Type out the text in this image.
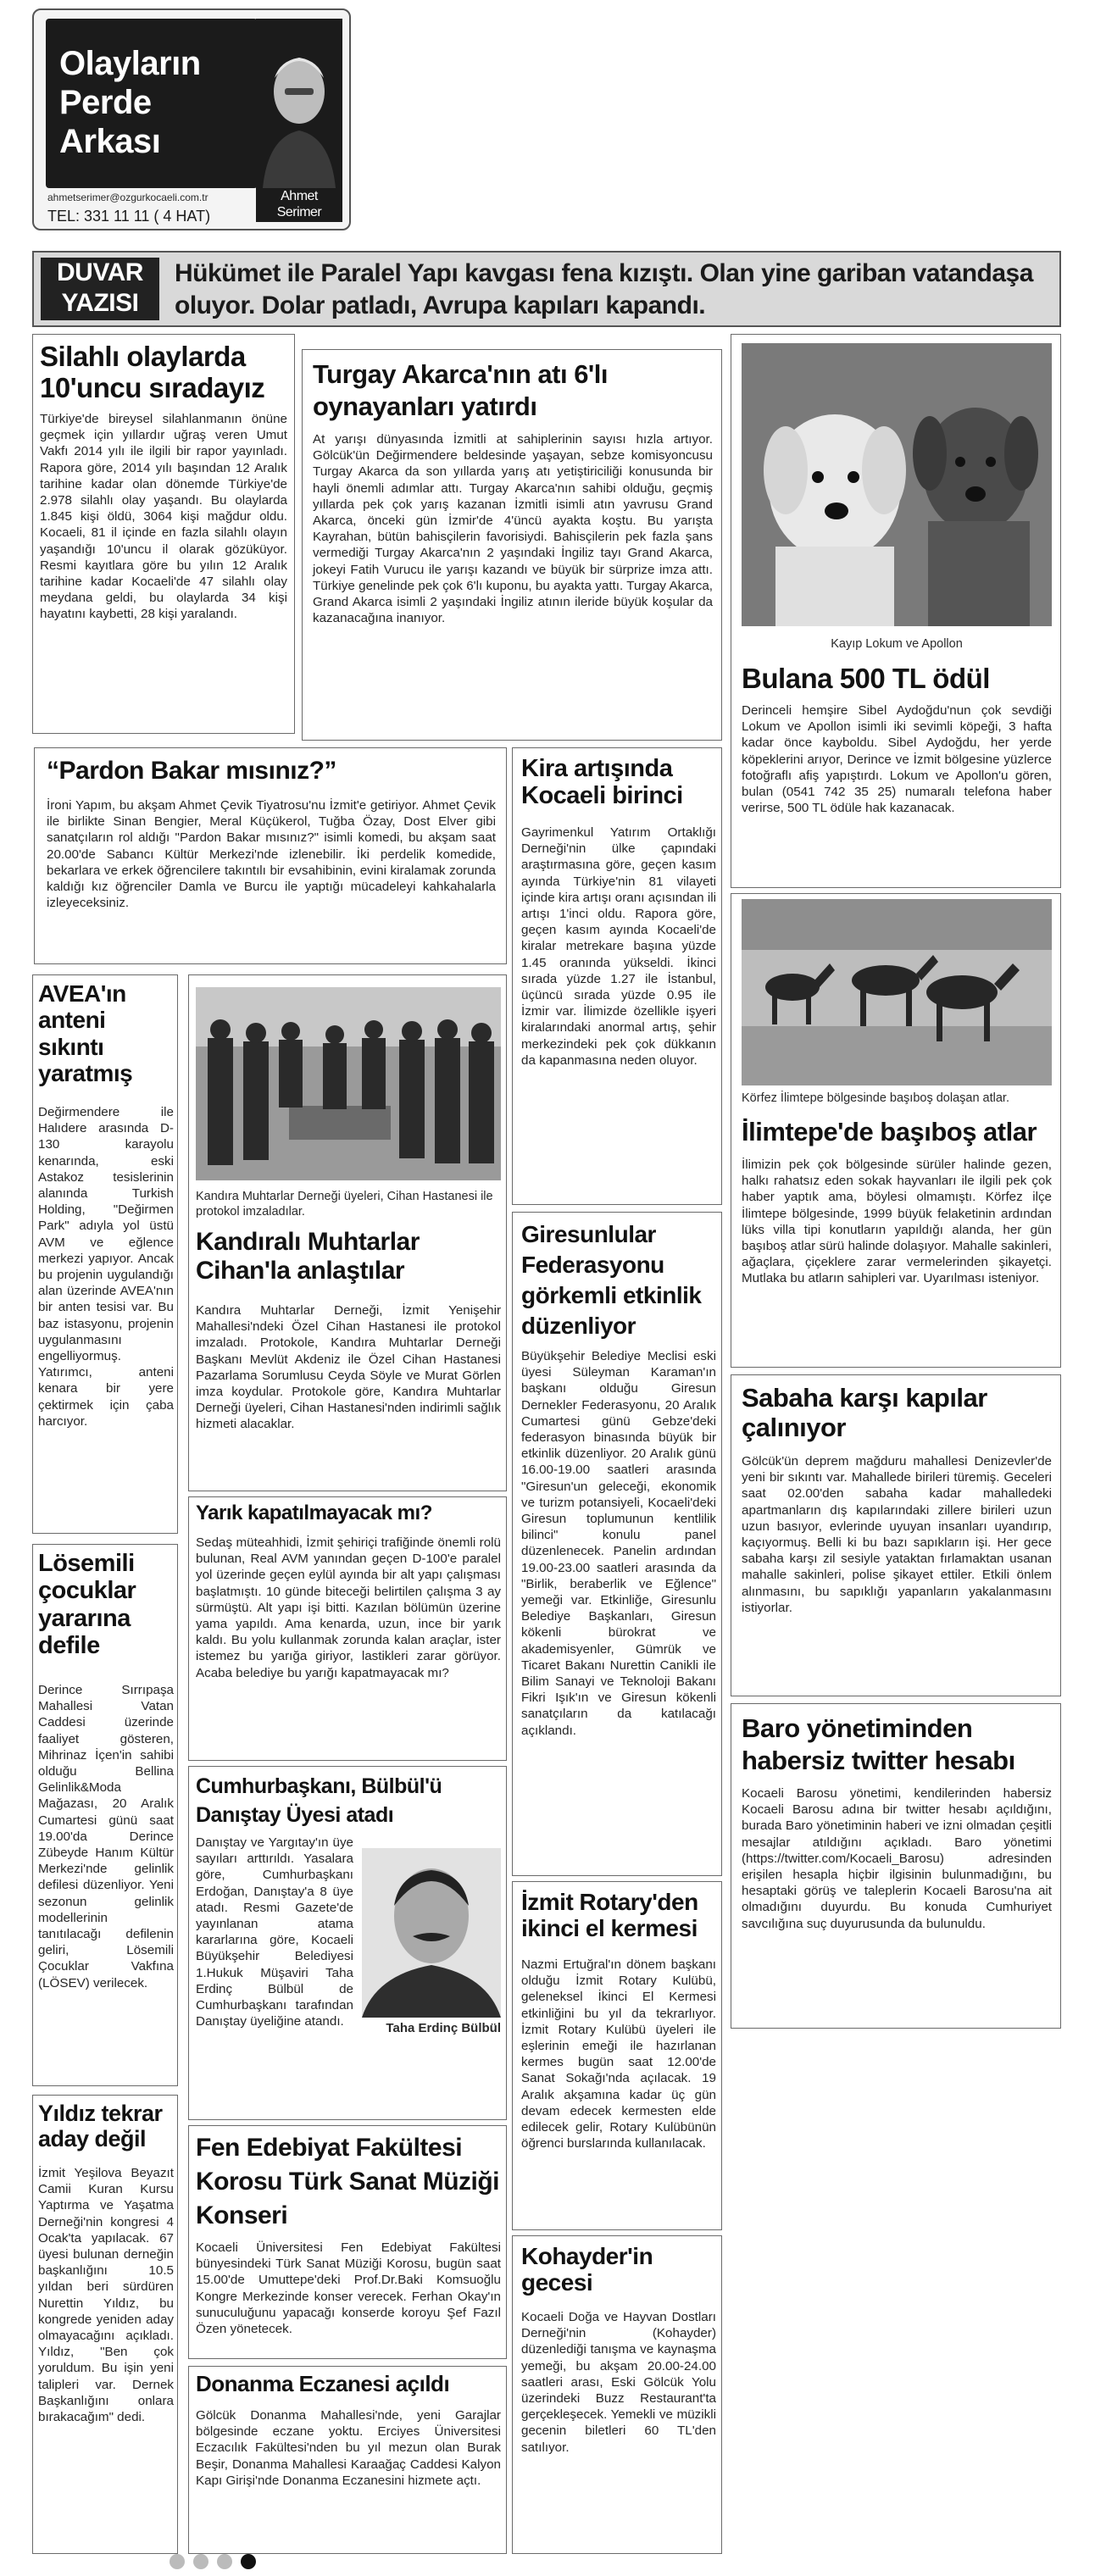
Olayların
Perde
Arkası
Ahmet
Serimer
ahmetserimer@ozgurkocaeli.com.tr
TEL: 331 11 11 ( 4 HAT)
DUVAR
YAZISI
Hükümet ile Paralel Yapı kavgası fena kızıştı. Olan yine gariban vatandaşa oluyor. Dolar patladı, Avrupa kapıları kapandı.
Silahlı olaylarda 10'uncu sıradayız
Türkiye'de bireysel silahlanmanın önüne geçmek için yıllardır uğraş veren Umut Vakfı 2014 yılı ile ilgili bir rapor yayınladı. Rapora göre, 2014 yılı başından 12 Aralık tarihine kadar olan dönemde Türkiye'de 2.978 silahlı olay yaşandı. Bu olaylarda 1.845 kişi öldü, 3064 kişi mağdur oldu. Kocaeli, 81 il içinde en fazla silahlı olayın yaşandığı 10'uncu il olarak gözüküyor. Resmi kayıtlara göre bu yılın 12 Aralık tarihine kadar Kocaeli'de 47 silahlı olay meydana geldi, bu olaylarda 34 kişi hayatını kaybetti, 28 kişi yaralandı.
AVEA'ın anteni sıkıntı yaratmış
Değirmendere ile Halıdere arasında D-130 karayolu kenarında, eski Astakoz tesislerinin alanında Turkish Holding, "Değirmen Park" adıyla yol üstü AVM ve eğlence merkezi yapıyor. Ancak bu projenin uygulandığı alan üzerinde AVEA'nın bir anten tesisi var. Bu baz istasyonu, projenin uygulanmasını engelliyormuş. Yatırımcı, anteni kenara bir yere çektirmek için çaba harcıyor.
Lösemili çocuklar yararına defile
Derince Sırrıpaşa Mahallesi Vatan Caddesi üzerinde faaliyet gösteren, Mihrinaz İçen'in sahibi olduğu Bellina Gelinlik&Moda Mağazası, 20 Aralık Cumartesi günü saat 19.00'da Derince Zübeyde Hanım Kültür Merkezi'nde gelinlik defilesi düzenliyor. Yeni sezonun gelinlik modellerinin tanıtılacağı defilenin geliri, Lösemili Çocuklar Vakfına (LÖSEV) verilecek.
Yıldız tekrar aday değil
İzmit Yeşilova Beyazıt Camii Kuran Kursu Yaptırma ve Yaşatma Derneği'nin kongresi 4 Ocak'ta yapılacak. 67 üyesi bulunan derneğin başkanlığını 10.5 yıldan beri sürdüren Nurettin Yıldız, bu kongrede yeniden aday olmayacağını açıkladı. Yıldız, "Ben çok yoruldum. Bu işin yeni talipleri var. Dernek Başkanlığını onlara bırakacağım" dedi.
Turgay Akarca'nın atı 6'lı oynayanları yatırdı
At yarışı dünyasında İzmitli at sahiplerinin sayısı hızla artıyor. Gölcük'ün Değirmendere beldesinde yaşayan, sebze komisyoncusu Turgay Akarca da son yıllarda yarış atı yetiştiriciliği konusunda bir hayli önemli adımlar attı. Turgay Akarca'nın sahibi olduğu, geçmiş yıllarda pek çok yarış kazanan İzmitli isimli atın yavrusu Grand Akarca, önceki gün İzmir'de 4'üncü ayakta koştu. Bu yarışta Kayrahan, bütün bahisçilerin favorisiydi. Bahisçilerin pek fazla şans vermediği Turgay Akarca'nın 2 yaşındaki İngiliz tayı Grand Akarca, jokeyi Fatih Vurucu ile yarışı kazandı ve büyük bir sürprize imza attı. Türkiye genelinde pek çok 6'lı kuponu, bu ayakta yattı. Turgay Akarca, Grand Akarca isimli 2 yaşındaki İngiliz atının ileride büyük koşular da kazanacağına inanıyor.
“Pardon Bakar mısınız?”
İroni Yapım, bu akşam Ahmet Çevik Tiyatrosu'nu İzmit'e getiriyor. Ahmet Çevik ile birlikte Sinan Bengier, Meral Küçükerol, Tuğba Özay, Dost Elver gibi sanatçıların rol aldığı "Pardon Bakar mısınız?" isimli komedi, bu akşam saat 20.00'de Sabancı Kültür Merkezi'nde izlenebilir. İki perdelik komedide, bekarlara ve erkek öğrencilere takıntılı bir evsahibinin, evini kiralamak zorunda kaldığı kız öğrenciler Damla ve Burcu ile yaptığı mücadeleyi kahkahalarla izleyeceksiniz.
Kira artışında Kocaeli birinci
Gayrimenkul Yatırım Ortaklığı Derneği'nin ülke çapındaki araştırmasına göre, geçen kasım ayında Türkiye'nin 81 vilayeti içinde kira artışı oranı açısından ili artışı 1'inci oldu. Rapora göre, geçen kasım ayında Kocaeli'de kiralar metrekare başına yüzde 1.45 oranında yükseldi. İkinci sırada yüzde 1.27 ile İstanbul, üçüncü sırada yüzde 0.95 ile İzmir var. İlimizde özellikle işyeri kiralarındaki anormal artış, şehir merkezindeki pek çok dükkanın da kapanmasına neden oluyor.
Kandıra Muhtarlar Derneği üyeleri, Cihan Hastanesi ile protokol imzaladılar.
Kandıralı Muhtarlar Cihan'la anlaştılar
Kandıra Muhtarlar Derneği, İzmit Yenişehir Mahallesi'ndeki Özel Cihan Hastanesi ile protokol imzaladı. Protokole, Kandıra Muhtarlar Derneği Başkanı Mevlüt Akdeniz ile Özel Cihan Hastanesi Pazarlama Sorumlusu Ceyda Söyle ve Murat Görlen imza koydular. Protokole göre, Kandıra Muhtarlar Derneği üyeleri, Cihan Hastanesi'nden indirimli sağlık hizmeti alacaklar.
Yarık kapatılmayacak mı?
Sedaş müteahhidi, İzmit şehiriçi trafiğinde önemli rolü bulunan, Real AVM yanından geçen D-100'e paralel yol üzerinde geçen eylül ayında bir alt yapı çalışması başlatmıştı. 10 günde biteceği belirtilen çalışma 3 ay sürmüştü. Alt yapı işi bitti. Kazılan bölümün üzerine yama yapıldı. Ama kenarda, uzun, ince bir yarık kaldı. Bu yolu kullanmak zorunda kalan araçlar, ister istemez bu yarığa giriyor, lastikleri zarar görüyor. Acaba belediye bu yarığı kapatmayacak mı?
Cumhurbaşkanı, Bülbül'ü Danıştay Üyesi atadı
Danıştay ve Yargıtay'ın üye sayıları arttırıldı. Yasalara göre, Cumhurbaşkanı Erdoğan, Danıştay'a 8 üye atadı. Resmi Gazete'de yayınlanan atama kararlarına göre, Kocaeli Büyükşehir Belediyesi 1.Hukuk Müşaviri Taha Erdinç Bülbül de Cumhurbaşkanı tarafından Danıştay üyeliğine atandı.	Taha Erdinç Bülbül
Fen Edebiyat Fakültesi Korosu Türk Sanat Müziği Konseri
Kocaeli Üniversitesi Fen Edebiyat Fakültesi bünyesindeki Türk Sanat Müziği Korosu, bugün saat 15.00'de Umuttepe'deki Prof.Dr.Baki Komsuoğlu Kongre Merkezinde konser verecek. Ferhan Okay'ın sunuculuğunu yapacağı konserde koroyu Şef Fazıl Özen yönetecek.
Donanma Eczanesi açıldı
Gölcük Donanma Mahallesi'nde, yeni Garajlar bölgesinde eczane yoktu. Erciyes Üniversitesi Eczacılık Fakültesi'nden bu yıl mezun olan Burak Beşir, Donanma Mahallesi Karaağaç Caddesi Kalyon Kapı Girişi'nde Donanma Eczanesini hizmete açtı.
Giresunlular Federasyonu görkemli etkinlik düzenliyor
Büyükşehir Belediye Meclisi eski üyesi Süleyman Karaman'ın başkanı olduğu Giresun Dernekler Federasyonu, 20 Aralık Cumartesi günü Gebze'deki federasyon binasında büyük bir etkinlik düzenliyor. 20 Aralık günü 16.00-19.00 saatleri arasında "Giresun'un geleceği, ekonomik ve turizm potansiyeli, Kocaeli'deki Giresun toplumunun kentlilik bilinci" konulu panel düzenlenecek. Panelin ardından 19.00-23.00 saatleri arasında da "Birlik, beraberlik ve Eğlence" yemeği var. Etkinliğe, Giresunlu Belediye Başkanları, Giresun kökenli bürokrat ve akademisyenler, Gümrük ve Ticaret Bakanı Nurettin Canikli ile Bilim Sanayi ve Teknoloji Bakanı Fikri Işık'ın ve Giresun kökenli sanatçıların da katılacağı açıklandı.
İzmit Rotary'den ikinci el kermesi
Nazmi Ertuğral'ın dönem başkanı olduğu İzmit Rotary Kulübü, geleneksel İkinci El Kermesi etkinliğini bu yıl da tekrarlıyor. İzmit Rotary Kulübü üyeleri ile eşlerinin emeği ile hazırlanan kermes bugün saat 12.00'de Sanat Sokağı'nda açılacak. 19 Aralık akşamına kadar üç gün devam edecek kermesten elde edilecek gelir, Rotary Kulübünün öğrenci burslarında kullanılacak.
Kohayder'in gecesi
Kocaeli Doğa ve Hayvan Dostları Derneği'nin (Kohayder) düzenlediği tanışma ve kaynaşma yemeği, bu akşam 20.00-24.00 saatleri arası, Eski Gölcük Yolu üzerindeki Buzz Restaurant'ta gerçekleşecek. Yemekli ve müzikli gecenin biletleri 60 TL'den satılıyor.
Kayıp Lokum ve Apollon
Bulana 500 TL ödül
Derinceli hemşire Sibel Aydoğdu'nun çok sevdiği Lokum ve Apollon isimli iki sevimli köpeği, 3 hafta kadar önce kayboldu. Sibel Aydoğdu, her yerde köpeklerini arıyor, Derince ve İzmit bölgesine yüzlerce fotoğraflı afiş yapıştırdı. Lokum ve Apollon'u gören, bulan (0541 742 35 25) numaralı telefona haber verirse, 500 TL ödüle hak kazanacak.
Körfez İlimtepe bölgesinde başıboş dolaşan atlar.
İlimtepe'de başıboş atlar
İlimizin pek çok bölgesinde sürüler halinde gezen, halkı rahatsız eden sokak hayvanları ile ilgili pek çok haber yaptık ama, böylesi olmamıştı. Körfez ilçe İlimtepe bölgesinde, 1999 büyük felaketinin ardından lüks villa tipi konutların yapıldığı alanda, her gün başıboş atlar sürü halinde dolaşıyor. Mahalle sakinleri, ağaçlara, çiçeklere zarar vermelerinden şikayetçi. Mutlaka bu atların sahipleri var. Uyarılması isteniyor.
Sabaha karşı kapılar çalınıyor
Gölcük'ün deprem mağduru mahallesi Denizevler'de yeni bir sıkıntı var. Mahallede birileri türemiş. Geceleri saat 02.00'den sabaha kadar mahalledeki apartmanların dış kapılarındaki zillere birileri uzun uzun basıyor, evlerinde uyuyan insanları uyandırıp, kaçıyormuş. Belli ki bu bazı sapıkların işi. Her gece sabaha karşı zil sesiyle yataktan fırlamaktan usanan mahalle sakinleri, polise şikayet ettiler. Etkili önlem alınmasını, bu sapıklığı yapanların yakalanmasını istiyorlar.
Baro yönetiminden habersiz twitter hesabı
Kocaeli Barosu yönetimi, kendilerinden habersiz Kocaeli Barosu adına bir twitter hesabı açıldığını, burada Baro yönetiminin haberi ve izni olmadan çeşitli mesajlar atıldığını açıkladı. Baro yönetimi (https://twitter.com/Kocaeli_Barosu) adresinden erişilen hesapla hiçbir ilgisinin bulunmadığını, bu hesaptaki görüş ve taleplerin Kocaeli Barosu'na ait olmadığını duyurdu. Bu konuda Cumhuriyet savcılığına suç duyurusunda da bulunuldu.
